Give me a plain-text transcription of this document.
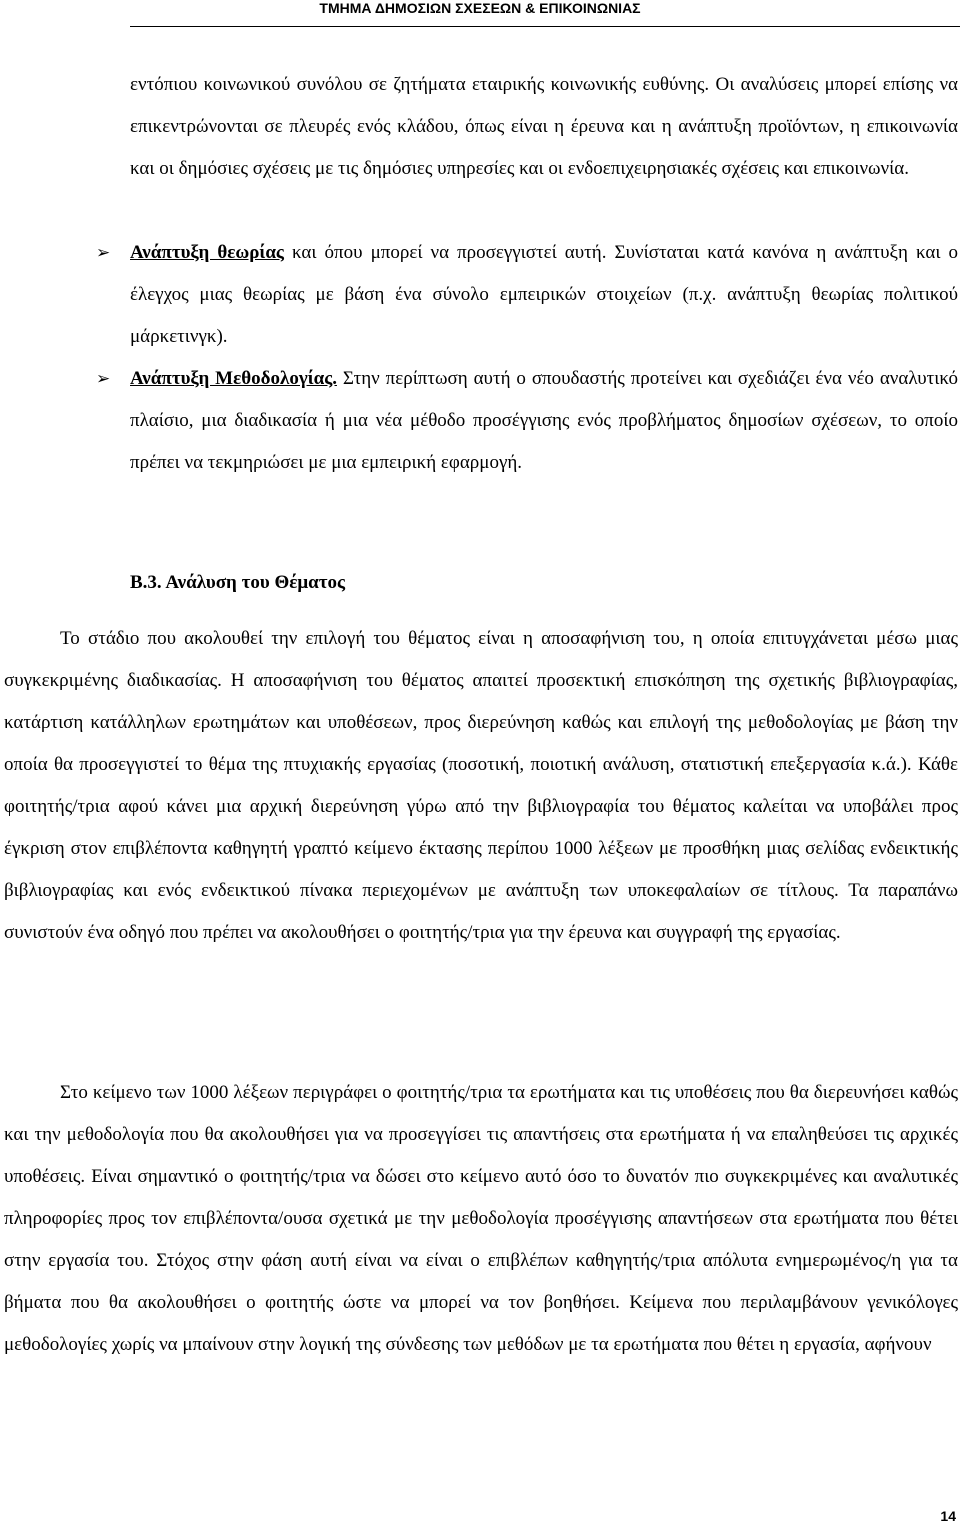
ΤΜΗΜΑ ΔΗΜΟΣΙΩΝ ΣΧΕΣΕΩΝ & ΕΠΙΚΟΙΝΩΝΙΑΣ
εντόπιου κοινωνικού συνόλου σε ζητήματα εταιρικής κοινωνικής ευθύνης. Οι αναλύσεις μπορεί επίσης να επικεντρώνονται σε πλευρές ενός κλάδου, όπως είναι η έρευνα και η ανάπτυξη προϊόντων, η επικοινωνία και οι δημόσιες σχέσεις με τις δημόσιες υπηρεσίες και οι ενδοεπιχειρησιακές σχέσεις και επικοινωνία.
➢ Ανάπτυξη θεωρίας και όπου μπορεί να προσεγγιστεί αυτή. Συνίσταται κατά κανόνα η ανάπτυξη και ο έλεγχος μιας θεωρίας με βάση ένα σύνολο εμπειρικών στοιχείων (π.χ. ανάπτυξη θεωρίας πολιτικού μάρκετινγκ).
➢ Ανάπτυξη Μεθοδολογίας. Στην περίπτωση αυτή ο σπουδαστής προτείνει και σχεδιάζει ένα νέο αναλυτικό πλαίσιο, μια διαδικασία ή μια νέα μέθοδο προσέγγισης ενός προβλήματος δημοσίων σχέσεων, το οποίο πρέπει να τεκμηριώσει με μια εμπειρική εφαρμογή.
Β.3. Ανάλυση του Θέματος
Το στάδιο που ακολουθεί την επιλογή του θέματος είναι η αποσαφήνιση του, η οποία επιτυγχάνεται μέσω μιας συγκεκριμένης διαδικασίας. Η αποσαφήνιση του θέματος απαιτεί προσεκτική επισκόπηση της σχετικής βιβλιογραφίας, κατάρτιση κατάλληλων ερωτημάτων και υποθέσεων, προς διερεύνηση καθώς και επιλογή της μεθοδολογίας με βάση την οποία θα προσεγγιστεί το θέμα της πτυχιακής εργασίας (ποσοτική, ποιοτική ανάλυση, στατιστική επεξεργασία κ.ά.). Κάθε φοιτητής/τρια αφού κάνει μια αρχική διερεύνηση γύρω από την βιβλιογραφία του θέματος καλείται να υποβάλει προς έγκριση στον επιβλέποντα καθηγητή γραπτό κείμενο έκτασης περίπου 1000 λέξεων με προσθήκη μιας σελίδας ενδεικτικής βιβλιογραφίας και ενός ενδεικτικού πίνακα περιεχομένων με ανάπτυξη των υποκεφαλαίων σε τίτλους. Τα παραπάνω συνιστούν ένα οδηγό που πρέπει να ακολουθήσει ο φοιτητής/τρια για την έρευνα και συγγραφή της εργασίας.
Στο κείμενο των 1000 λέξεων περιγράφει ο φοιτητής/τρια τα ερωτήματα και τις υποθέσεις που θα διερευνήσει καθώς και την μεθοδολογία που θα ακολουθήσει για να προσεγγίσει τις απαντήσεις στα ερωτήματα ή να επαληθεύσει τις αρχικές υποθέσεις. Είναι σημαντικό ο φοιτητής/τρια να δώσει στο κείμενο αυτό όσο το δυνατόν πιο συγκεκριμένες και αναλυτικές πληροφορίες προς τον επιβλέποντα/ουσα σχετικά με την μεθοδολογία προσέγγισης απαντήσεων στα ερωτήματα που θέτει στην εργασία του. Στόχος στην φάση αυτή είναι να είναι ο επιβλέπων καθηγητής/τρια απόλυτα ενημερωμένος/η για τα βήματα που θα ακολουθήσει ο φοιτητής ώστε να μπορεί να τον βοηθήσει. Κείμενα που περιλαμβάνουν γενικόλογες μεθοδολογίες χωρίς να μπαίνουν στην λογική της σύνδεσης των μεθόδων με τα ερωτήματα που θέτει η εργασία, αφήνουν
14
